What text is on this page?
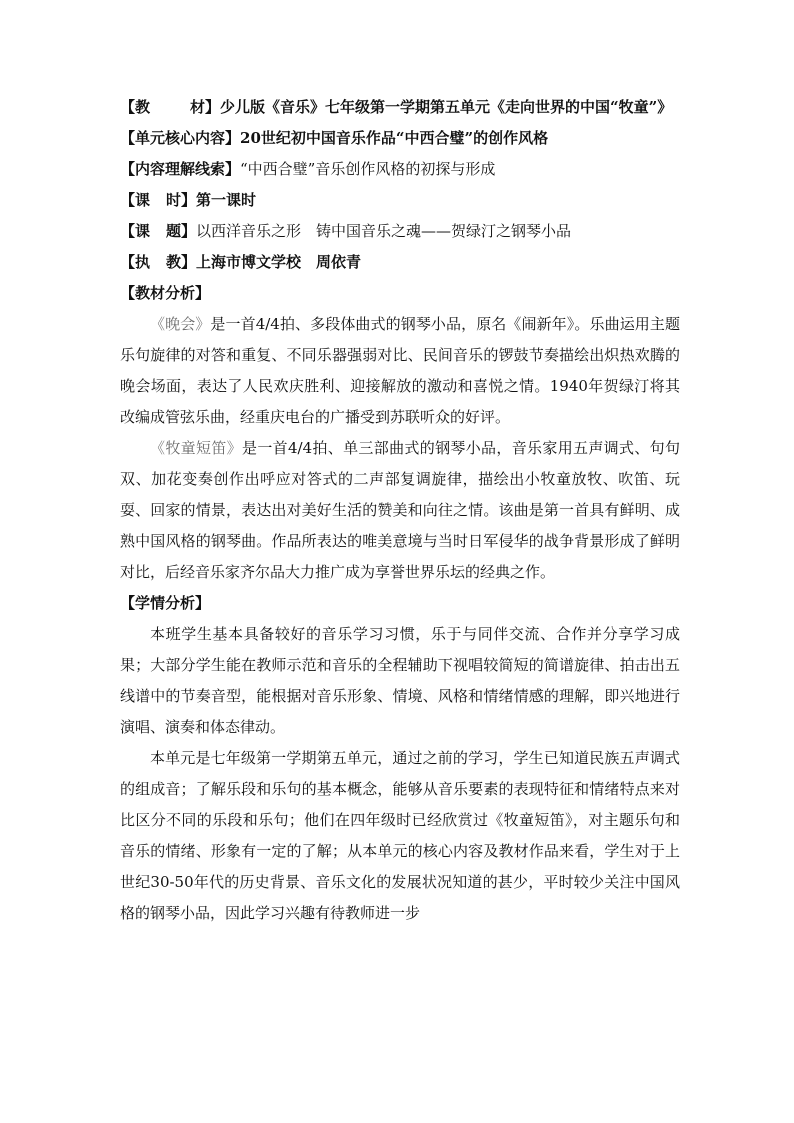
【教	材】少儿版《音乐》七年级第一学期第五单元《走向世界的中国“牧童”》
【单元核心内容】20世纪初中国音乐作品“中西合璧”的创作风格
【内容理解线索】“中西合璧”音乐创作风格的初探与形成
【课 时】第一课时
【课 题】以西洋音乐之形　铸中国音乐之魂——贺绿汀之钢琴小品
【执 教】上海市博文学校　周依青
【教材分析】

《晚会》是一首4/4拍、多段体曲式的钢琴小品，原名《闹新年》。乐曲运用主题乐句旋律的对答和重复、不同乐器强弱对比、民间音乐的锣鼓节奏描绘出炽热欢腾的晚会场面，表达了人民欢庆胜利、迎接解放的激动和喜悦之情。1940年贺绿汀将其改编成管弦乐曲，经重庆电台的广播受到苏联听众的好评。

《牧童短笛》是一首4/4拍、单三部曲式的钢琴小品，音乐家用五声调式、句句双、加花变奏创作出呼应对答式的二声部复调旋律，描绘出小牧童放牧、吹笛、玩耍、回家的情景，表达出对美好生活的赞美和向往之情。该曲是第一首具有鲜明、成熟中国风格的钢琴曲。作品所表达的唯美意境与当时日军侵华的战争背景形成了鲜明对比，后经音乐家齐尔品大力推广成为享誉世界乐坛的经典之作。

【学情分析】

本班学生基本具备较好的音乐学习习惯，乐于与同伴交流、合作并分享学习成果；大部分学生能在教师示范和音乐的全程辅助下视唱较简短的简谱旋律、拍击出五线谱中的节奏音型，能根据对音乐形象、情境、风格和情绪情感的理解，即兴地进行演唱、演奏和体态律动。

本单元是七年级第一学期第五单元，通过之前的学习，学生已知道民族五声调式的组成音；了解乐段和乐句的基本概念，能够从音乐要素的表现特征和情绪特点来对比区分不同的乐段和乐句；他们在四年级时已经欣赏过《牧童短笛》，对主题乐句和音乐的情绪、形象有一定的了解；从本单元的核心内容及教材作品来看，学生对于上世纪30-50年代的历史背景、音乐文化的发展状况知道的甚少，平时较少关注中国风格的钢琴小品，因此学习兴趣有待教师进一步
